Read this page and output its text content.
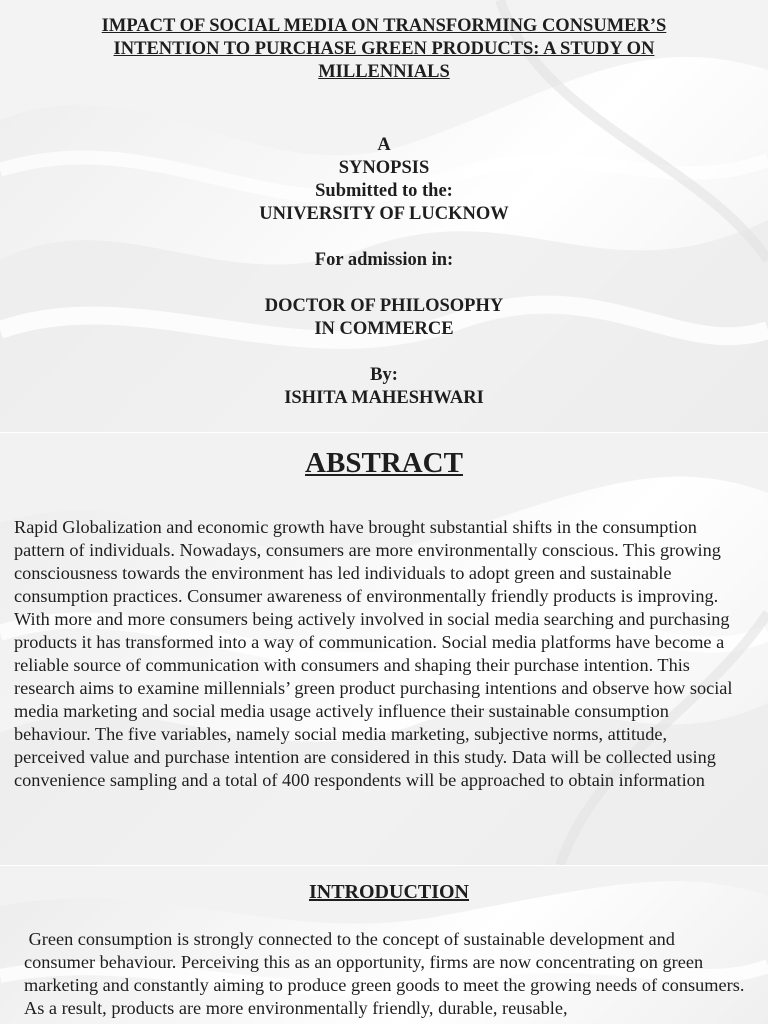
IMPACT OF SOCIAL MEDIA ON TRANSFORMING CONSUMER’S INTENTION TO PURCHASE GREEN PRODUCTS: A STUDY ON MILLENNIALS
A
SYNOPSIS
Submitted to the:
UNIVERSITY OF LUCKNOW
For admission in:
DOCTOR OF PHILOSOPHY
IN COMMERCE
By:
ISHITA MAHESHWARI
ABSTRACT

Rapid Globalization and economic growth have brought substantial shifts in the consumption pattern of individuals. Nowadays, consumers are more environmentally conscious. This growing consciousness towards the environment has led individuals to adopt green and sustainable consumption practices. Consumer awareness of environmentally friendly products is improving. With more and more consumers being actively involved in social media searching and purchasing products it has transformed into a way of communication. Social media platforms have become a reliable source of communication with consumers and shaping their purchase intention. This research aims to examine millennials’ green product purchasing intentions and observe how social media marketing and social media usage actively influence their sustainable consumption behaviour. The five variables, namely social media marketing, subjective norms, attitude, perceived value and purchase intention are considered in this study. Data will be collected using convenience sampling and a total of 400 respondents will be approached to obtain information

INTRODUCTION

Green consumption is strongly connected to the concept of sustainable development and consumer behaviour. Perceiving this as an opportunity, firms are now concentrating on green marketing and constantly aiming to produce green goods to meet the growing needs of consumers. As a result, products are more environmentally friendly, durable, reusable,
